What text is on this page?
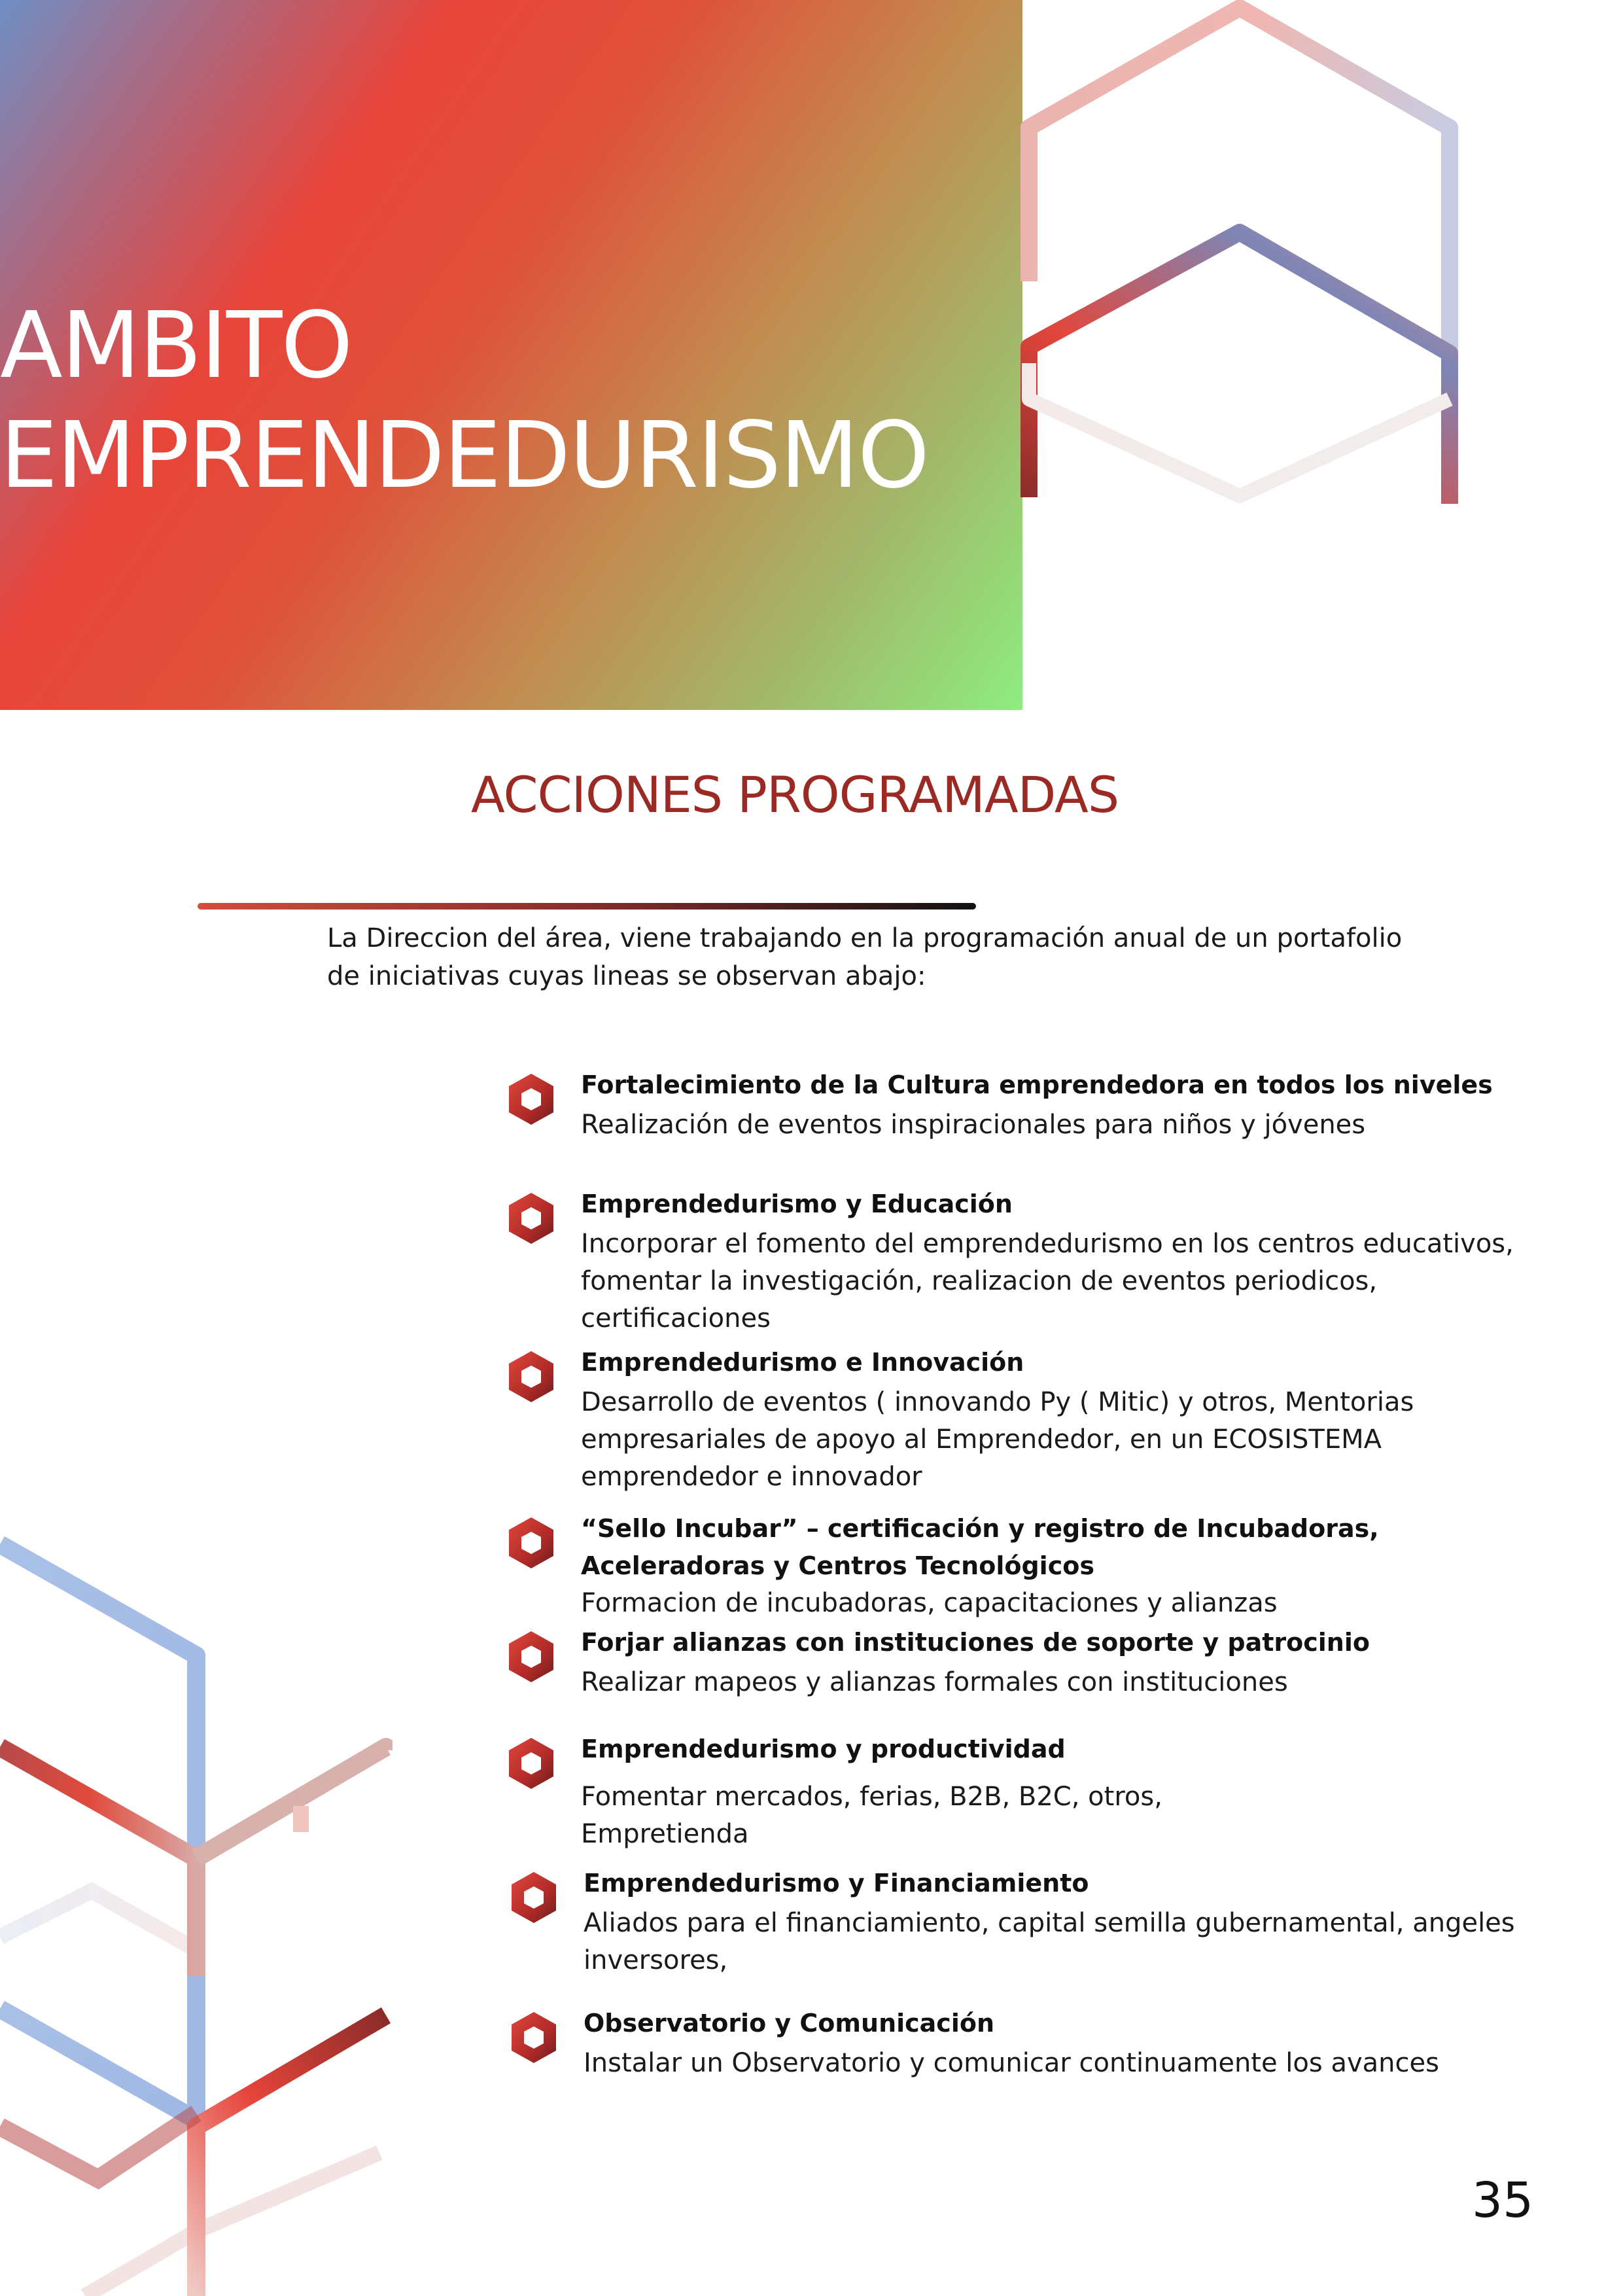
AMBITO
EMPRENDEDURISMO
ACCIONES PROGRAMADAS

La Direccion del área, viene trabajando en la programación anual de un portafolio de iniciativas cuyas lineas se observan abajo:

Fortalecimiento de la Cultura emprendedora en todos los niveles
Realización de eventos inspiracionales para niños y jóvenes
Emprendedurismo y Educación
Incorporar el fomento del emprendedurismo en los centros educativos, fomentar la investigación, realizacion de eventos periodicos, certificaciones
Emprendedurismo e Innovación
Desarrollo de eventos ( innovando Py ( Mitic) y otros, Mentorias empresariales de apoyo al Emprendedor, en un ECOSISTEMA emprendedor e innovador
“Sello Incubar” – certificación y registro de Incubadoras, Aceleradoras y Centros Tecnológicos
Formacion de incubadoras, capacitaciones y alianzas
Forjar alianzas con instituciones de soporte y patrocinio
Realizar mapeos y alianzas formales con instituciones
Emprendedurismo y productividad
Fomentar mercados, ferias, B2B, B2C, otros, Empretienda
Emprendedurismo y Financiamiento
Aliados para el financiamiento, capital semilla gubernamental, angeles inversores,
Observatorio y Comunicación
Instalar un Observatorio y comunicar continuamente los avances
35
